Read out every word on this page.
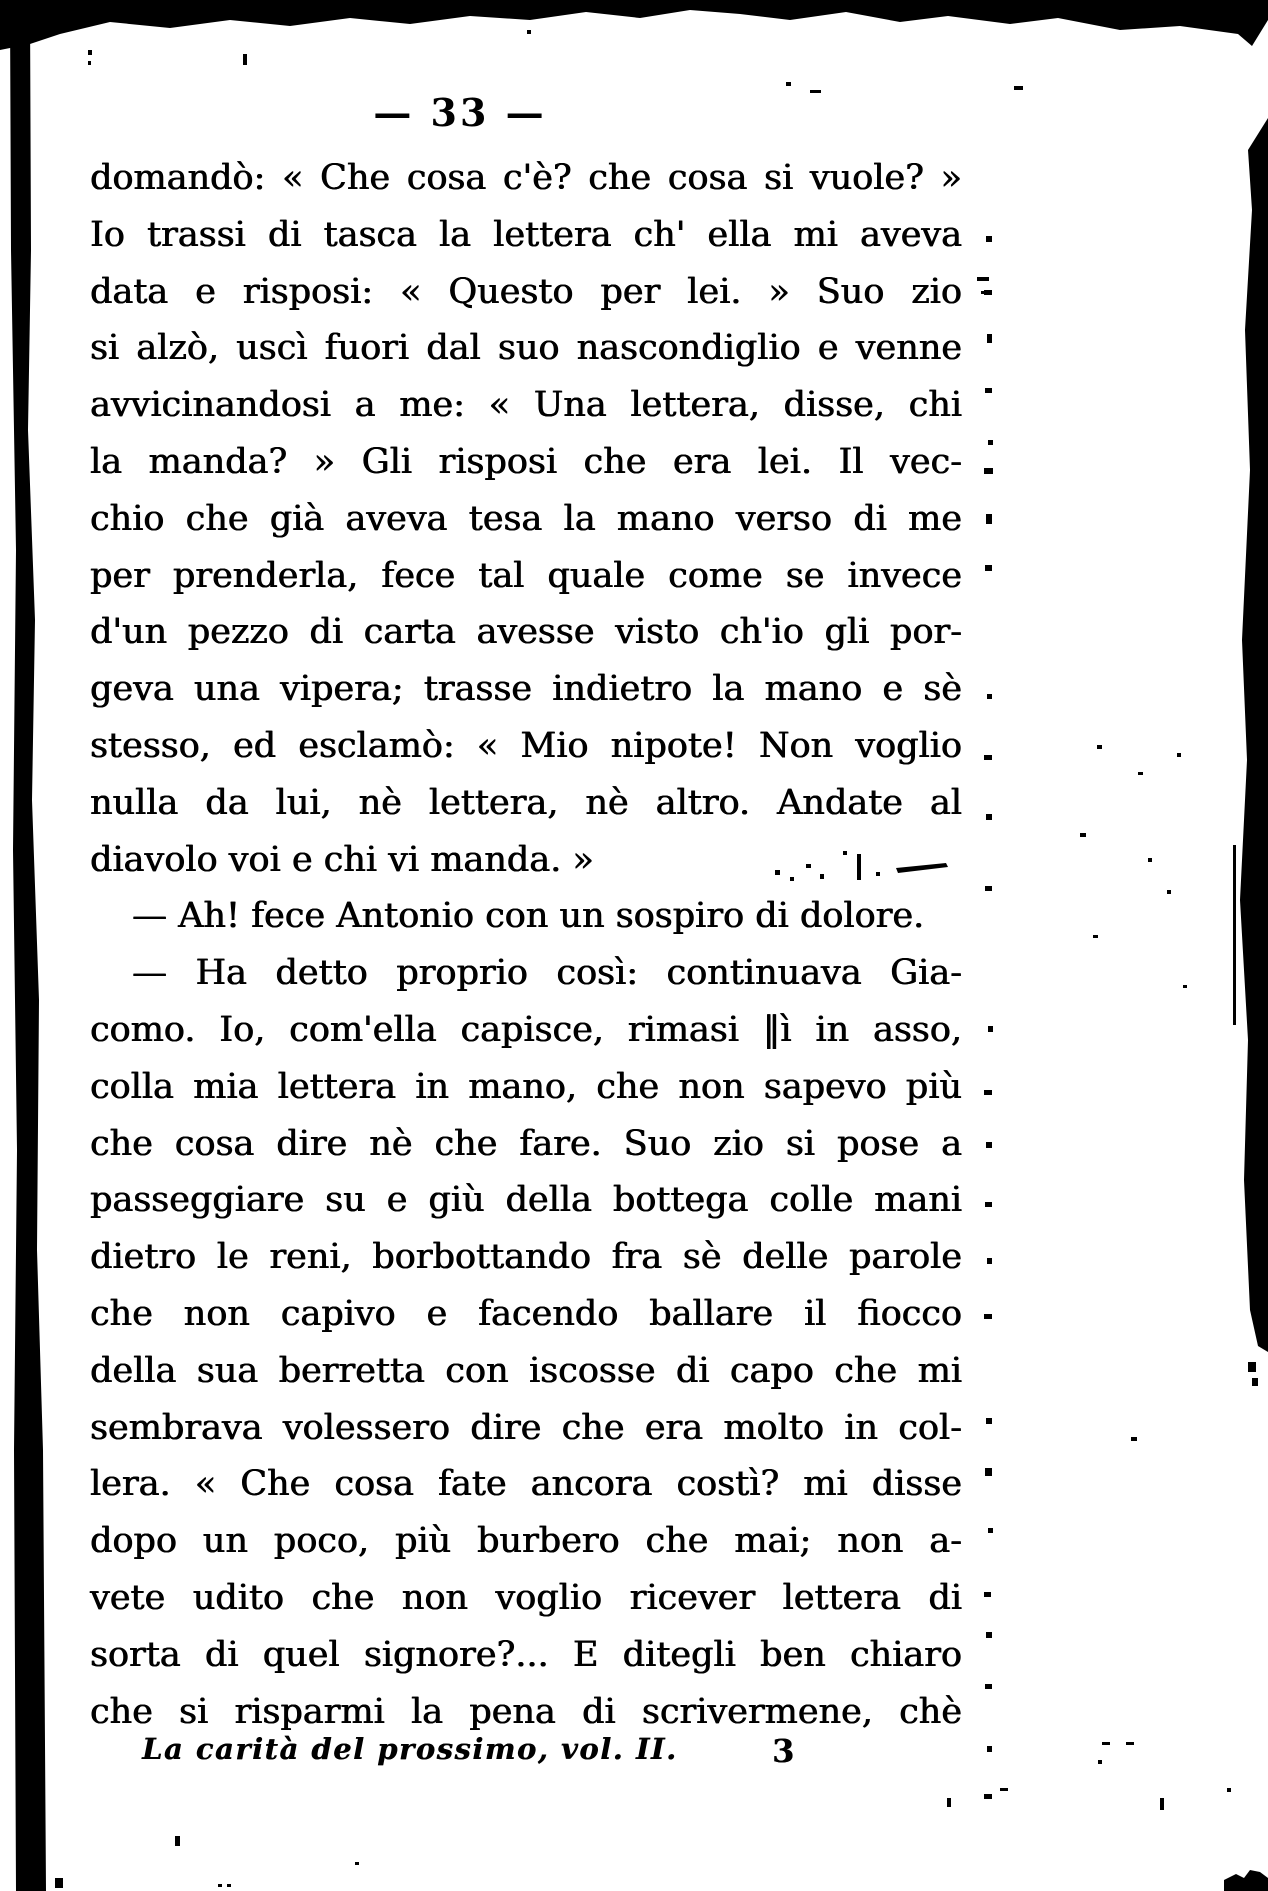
— 33 —
domandò: « Che cosa c'è? che cosa si vuole? »
Io trassi di tasca la lettera ch' ella mi aveva
data e risposi: « Questo per lei. » Suo zio
si alzò, uscì fuori dal suo nascondiglio e venne
avvicinandosi a me: « Una lettera, disse, chi
la manda? » Gli risposi che era lei. Il vec-
chio che già aveva tesa la mano verso di me
per prenderla, fece tal quale come se invece
d'un pezzo di carta avesse visto ch'io gli por-
geva una vipera; trasse indietro la mano e sè
stesso, ed esclamò: « Mio nipote! Non voglio
nulla da lui, nè lettera, nè altro. Andate al
diavolo voi e chi vi manda. »
— Ah! fece Antonio con un sospiro di dolore.
— Ha detto proprio così: continuava Gia-
como. Io, com'ella capisce, rimasi ‖ì in asso,
colla mia lettera in mano, che non sapevo più
che cosa dire nè che fare. Suo zio si pose a
passeggiare su e giù della bottega colle mani
dietro le reni, borbottando fra sè delle parole
che non capivo e facendo ballare il fiocco
della sua berretta con iscosse di capo che mi
sembrava volessero dire che era molto in col-
lera. « Che cosa fate ancora costì? mi disse
dopo un poco, più burbero che mai; non a-
vete udito che non voglio ricever lettera di
sorta di quel signore?... E ditegli ben chiaro
che si risparmi la pena di scrivermene, chè
La carità del prossimo, vol. II.	3
